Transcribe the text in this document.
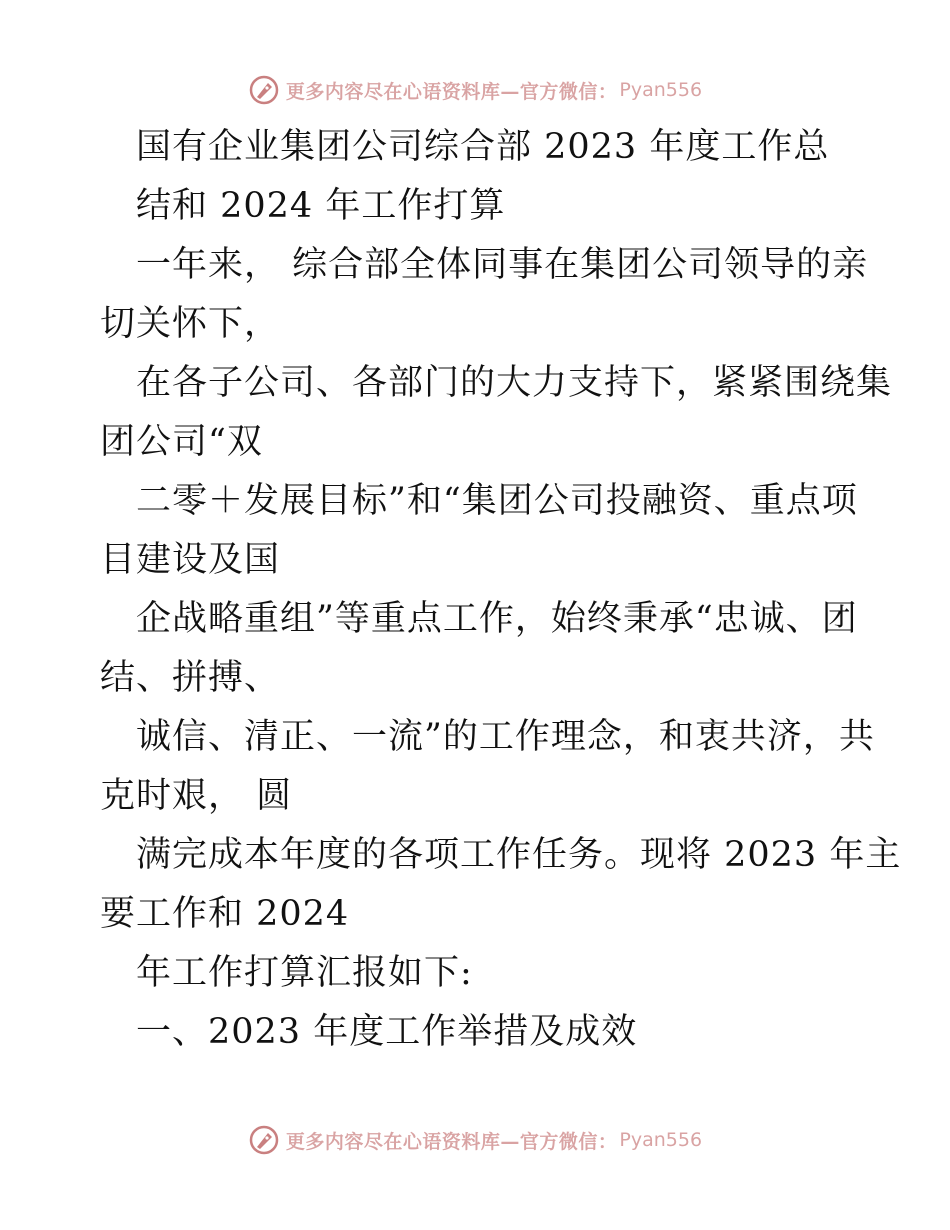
更多内容尽在心语资料库—官方微信： Pyan556
国有企业集团公司综合部 2023 年度工作总
结和 2024 年工作打算
一年来， 综合部全体同事在集团公司领导的亲
切关怀下，
在各子公司、各部门的大力支持下，紧紧围绕集
团公司“双
二零＋发展目标”和“集团公司投融资、重点项
目建设及国
企战略重组”等重点工作，始终秉承“忠诚、团
结、拼搏、
诚信、清正、一流”的工作理念，和衷共济，共
克时艰， 圆
满完成本年度的各项工作任务。现将 2023 年主
要工作和 2024
年工作打算汇报如下:
一、2023 年度工作举措及成效
更多内容尽在心语资料库—官方微信： Pyan556
